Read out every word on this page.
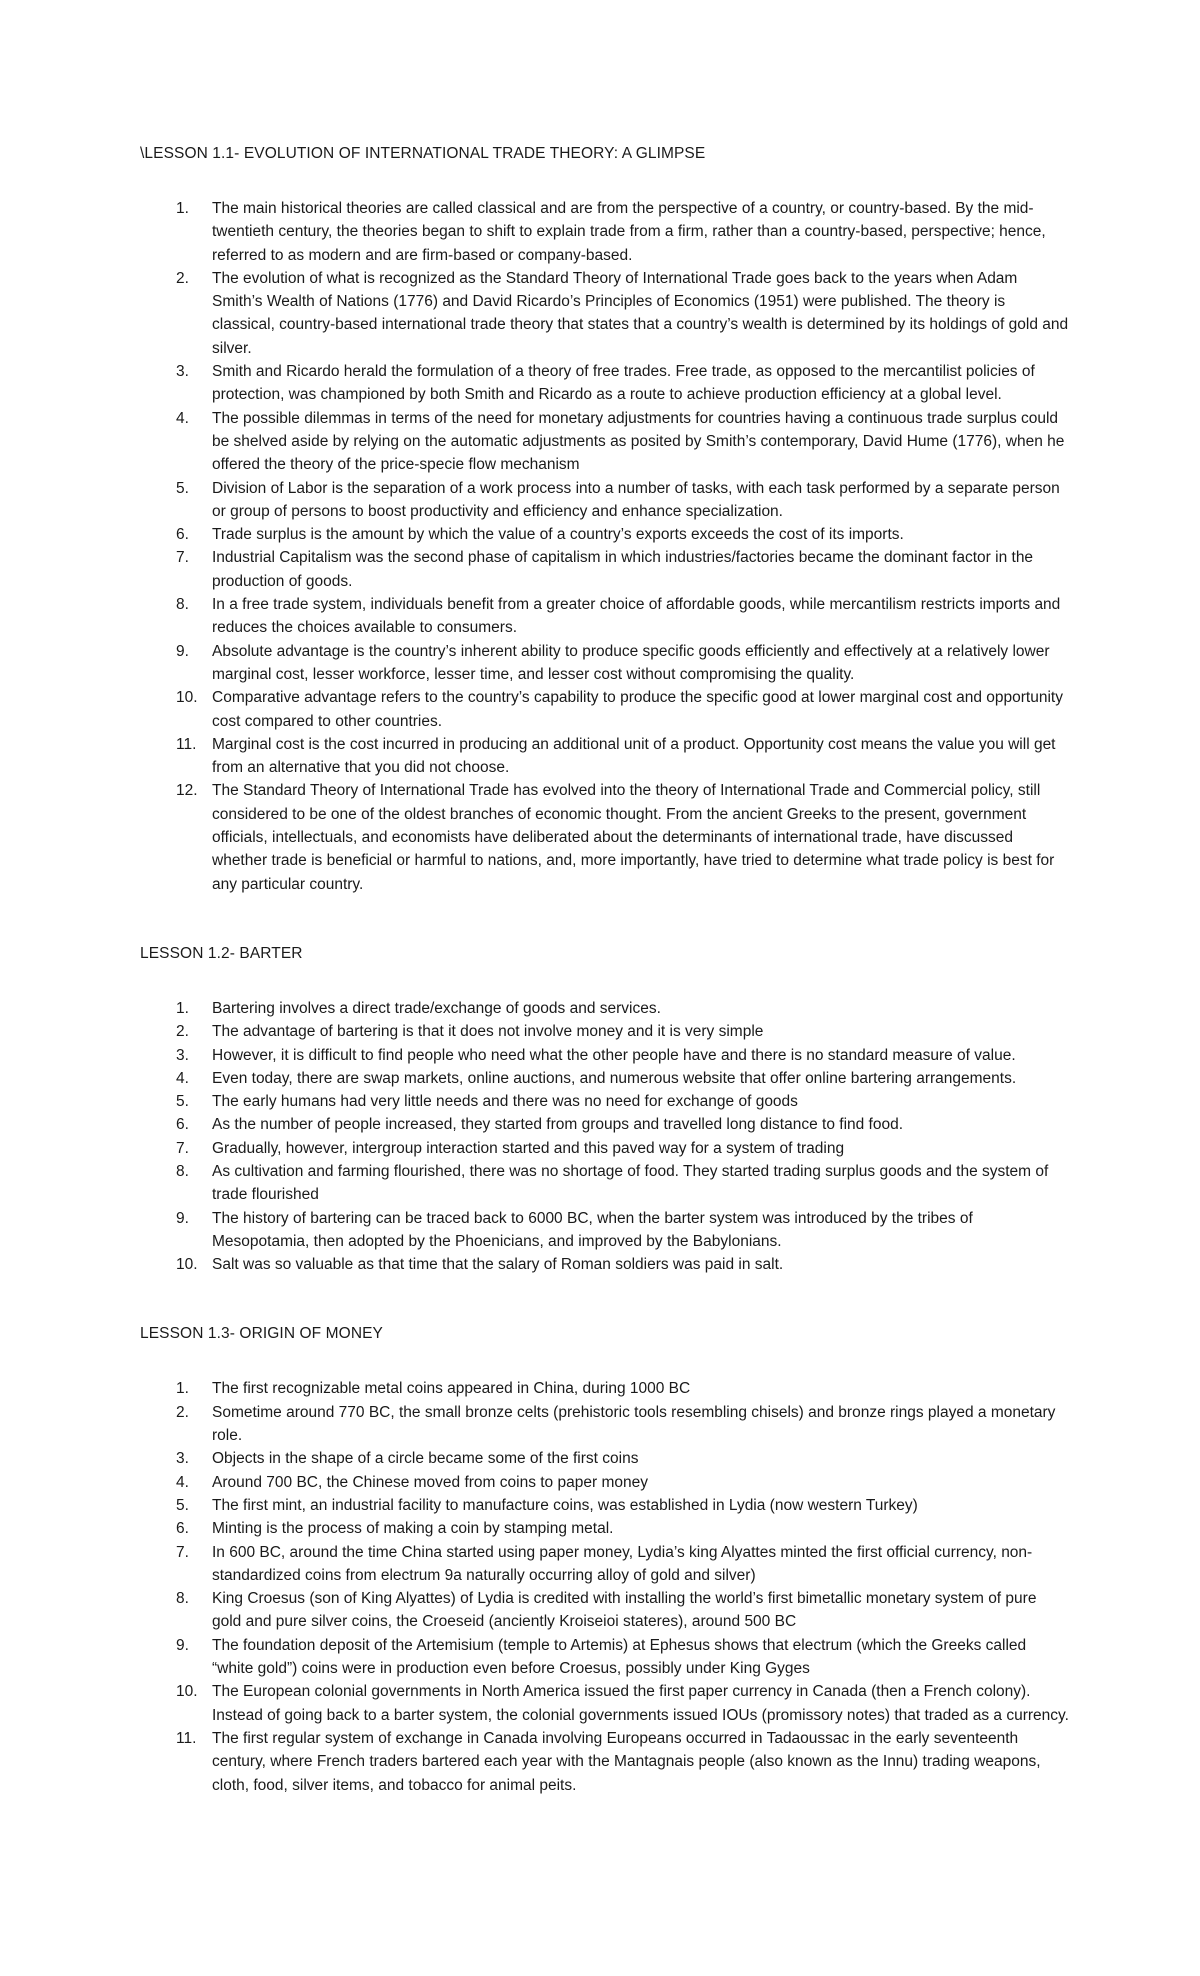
\LESSON 1.1- EVOLUTION OF INTERNATIONAL TRADE THEORY: A GLIMPSE
1.	The main historical theories are called classical and are from the perspective of a country, or country-based. By the mid-twentieth century, the theories began to shift to explain trade from a firm, rather than a country-based, perspective; hence, referred to as modern and are firm-based or company-based.
2.	The evolution of what is recognized as the Standard Theory of International Trade goes back to the years when Adam Smith’s Wealth of Nations (1776) and David Ricardo’s Principles of Economics (1951) were published. The theory is classical, country-based international trade theory that states that a country’s wealth is determined by its holdings of gold and silver.
3.	Smith and Ricardo herald the formulation of a theory of free trades. Free trade, as opposed to the mercantilist policies of protection, was championed by both Smith and Ricardo as a route to achieve production efficiency at a global level.
4.	The possible dilemmas in terms of the need for monetary adjustments for countries having a continuous trade surplus could be shelved aside by relying on the automatic adjustments as posited by Smith’s contemporary, David Hume (1776), when he offered the theory of the price-specie flow mechanism
5.	Division of Labor is the separation of a work process into a number of tasks, with each task performed by a separate person or group of persons to boost productivity and efficiency and enhance specialization.
6.	Trade surplus is the amount by which the value of a country’s exports exceeds the cost of its imports.
7.	Industrial Capitalism was the second phase of capitalism in which industries/factories became the dominant factor in the production of goods.
8.	In a free trade system, individuals benefit from a greater choice of affordable goods, while mercantilism restricts imports and reduces the choices available to consumers.
9.	Absolute advantage is the country’s inherent ability to produce specific goods efficiently and effectively at a relatively lower marginal cost, lesser workforce, lesser time, and lesser cost without compromising the quality.
10. Comparative advantage refers to the country’s capability to produce the specific good at lower marginal cost and opportunity cost compared to other countries.
11.	Marginal cost is the cost incurred in producing an additional unit of a product. Opportunity cost means the value you will get from an alternative that you did not choose.
12. The Standard Theory of International Trade has evolved into the theory of International Trade and Commercial policy, still considered to be one of the oldest branches of economic thought. From the ancient Greeks to the present, government officials, intellectuals, and economists have deliberated about the determinants of international trade, have discussed whether trade is beneficial or harmful to nations, and, more importantly, have tried to determine what trade policy is best for any particular country.
LESSON 1.2- BARTER
1.	Bartering involves a direct trade/exchange of goods and services.
2.	The advantage of bartering is that it does not involve money and it is very simple
3.	However, it is difficult to find people who need what the other people have and there is no standard measure of value.
4.	Even today, there are swap markets, online auctions, and numerous website that offer online bartering arrangements.
5.	The early humans had very little needs and there was no need for exchange of goods
6.	As the number of people increased, they started from groups and travelled long distance to find food.
7.	Gradually, however, intergroup interaction started and this paved way for a system of trading
8.	As cultivation and farming flourished, there was no shortage of food. They started trading surplus goods and the system of trade flourished
9.	The history of bartering can be traced back to 6000 BC, when the barter system was introduced by the tribes of Mesopotamia, then adopted by the Phoenicians, and improved by the Babylonians.
10. Salt was so valuable as that time that the salary of Roman soldiers was paid in salt.
LESSON 1.3- ORIGIN OF MONEY
1.	The first recognizable metal coins appeared in China, during 1000 BC
2.	Sometime around 770 BC, the small bronze celts (prehistoric tools resembling chisels) and bronze rings played a monetary role.
3.	Objects in the shape of a circle became some of the first coins
4.	Around 700 BC, the Chinese moved from coins to paper money
5.	The first mint, an industrial facility to manufacture coins, was established in Lydia (now western Turkey)
6.	Minting is the process of making a coin by stamping metal.
7.	In 600 BC, around the time China started using paper money, Lydia’s king Alyattes minted the first official currency, non-standardized coins from electrum 9a naturally occurring alloy of gold and silver)
8.	King Croesus (son of King Alyattes) of Lydia is credited with installing the world’s first bimetallic monetary system of pure gold and pure silver coins, the Croeseid (anciently Kroiseioi stateres), around 500 BC
9.	The foundation deposit of the Artemisium (temple to Artemis) at Ephesus shows that electrum (which the Greeks called “white gold”) coins were in production even before Croesus, possibly under King Gyges
10. The European colonial governments in North America issued the first paper currency in Canada (then a French colony). Instead of going back to a barter system, the colonial governments issued IOUs (promissory notes) that traded as a currency.
11.	The first regular system of exchange in Canada involving Europeans occurred in Tadaoussac in the early seventeenth century, where French traders bartered each year with the Mantagnais people (also known as the Innu) trading weapons, cloth, food, silver items, and tobacco for animal peits.
